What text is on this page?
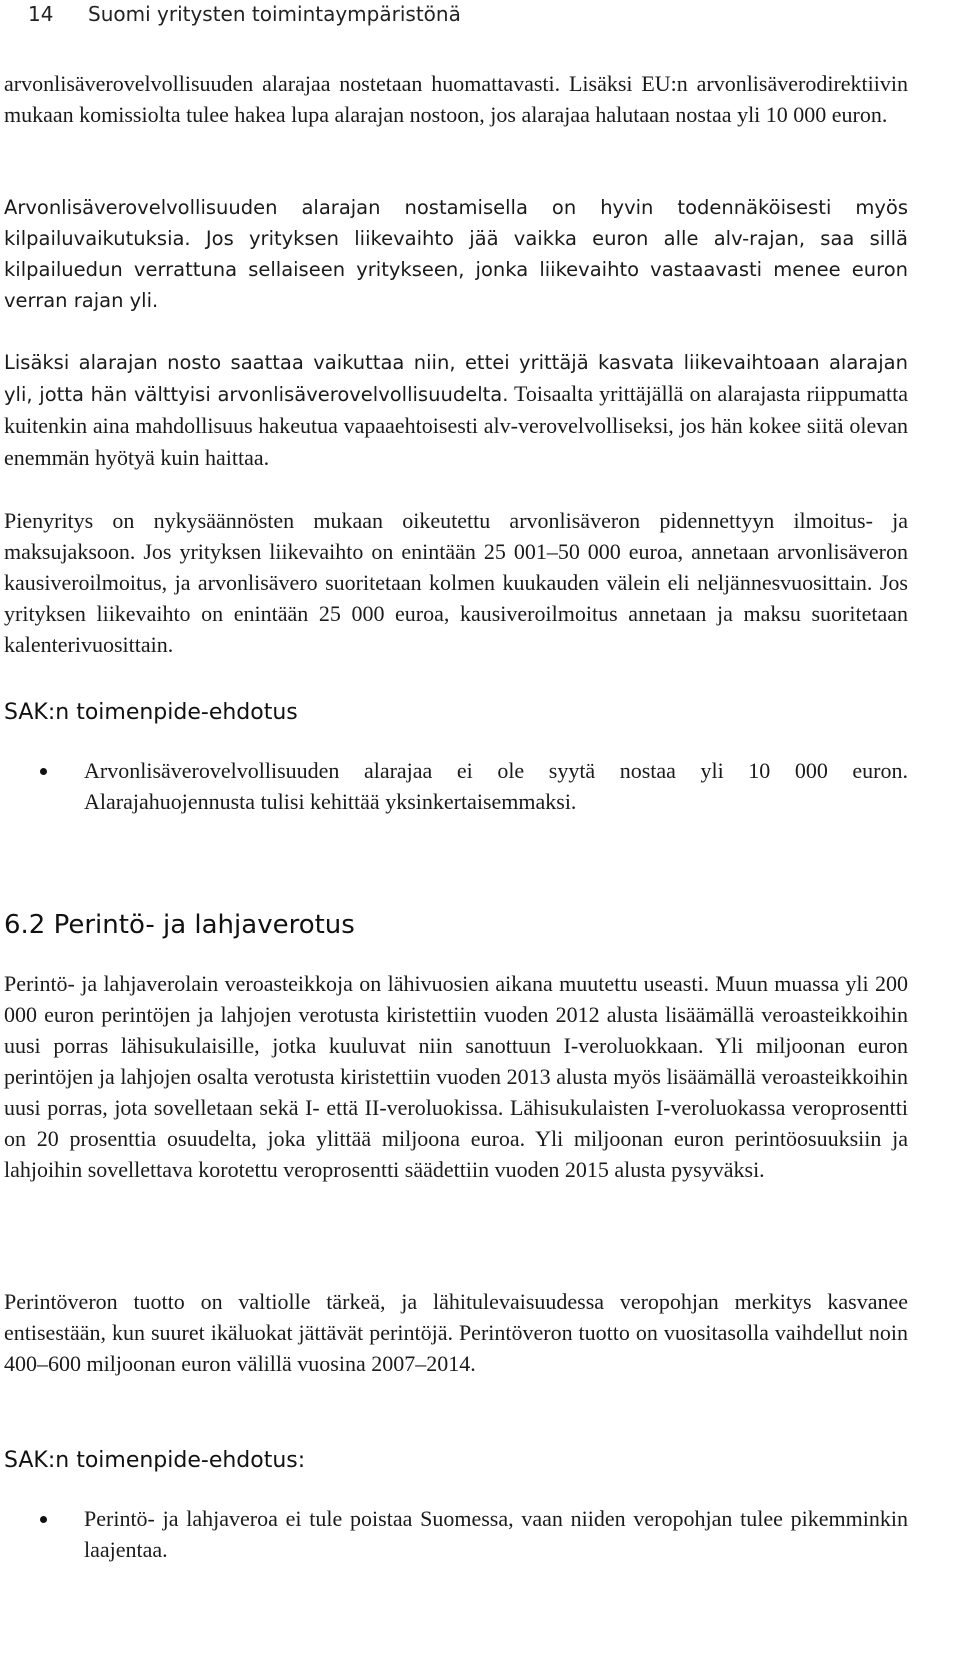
14 Suomi yritysten toimintaympäristönä

arvonlisäverovelvollisuuden alarajaa nostetaan huomattavasti. Lisäksi EU:n arvonlisäverodirektiivin mukaan komissiolta tulee hakea lupa alarajan nostoon, jos alarajaa halutaan nostaa yli 10 000 euron.

Arvonlisäverovelvollisuuden alarajan nostamisella on hyvin todennäköisesti myös kilpailuvaikutuksia. Jos yrityksen liikevaihto jää vaikka euron alle alv-rajan, saa sillä kilpailuedun verrattuna sellaiseen yritykseen, jonka liikevaihto vastaavasti menee euron verran rajan yli.

Lisäksi alarajan nosto saattaa vaikuttaa niin, ettei yrittäjä kasvata liikevaihtoaan alarajan yli, jotta hän välttyisi arvonlisäverovelvollisuudelta. Toisaalta yrittäjällä on alarajasta riippumatta kuitenkin aina mahdollisuus hakeutua vapaaehtoisesti alv-verovelvolliseksi, jos hän kokee siitä olevan enemmän hyötyä kuin haittaa.

Pienyritys on nykysäännösten mukaan oikeutettu arvonlisäveron pidennettyyn ilmoitus- ja maksujaksoon. Jos yrityksen liikevaihto on enintään 25 001–50 000 euroa, annetaan arvonlisäveron kausiveroilmoitus, ja arvonlisävero suoritetaan kolmen kuukauden välein eli neljännesvuosittain. Jos yrityksen liikevaihto on enintään 25 000 euroa, kausiveroilmoitus annetaan ja maksu suoritetaan kalenterivuosittain.

SAK:n toimenpide-ehdotus
Arvonlisäverovelvollisuuden alarajaa ei ole syytä nostaa yli 10 000 euron. Alarajahuojennusta tulisi kehittää yksinkertaisemmaksi.
6.2 Perintö- ja lahjaverotus

Perintö- ja lahjaverolain veroasteikkoja on lähivuosien aikana muutettu useasti. Muun muassa yli 200 000 euron perintöjen ja lahjojen verotusta kiristettiin vuoden 2012 alusta lisäämällä veroasteikkoihin uusi porras lähisukulaisille, jotka kuuluvat niin sanottuun I-veroluokkaan. Yli miljoonan euron perintöjen ja lahjojen osalta verotusta kiristettiin vuoden 2013 alusta myös lisäämällä veroasteikkoihin uusi porras, jota sovelletaan sekä I- että II-veroluokissa. Lähisukulaisten I-veroluokassa veroprosentti on 20 prosenttia osuudelta, joka ylittää miljoona euroa. Yli miljoonan euron perintöosuuksiin ja lahjoihin sovellettava korotettu veroprosentti säädettiin vuoden 2015 alusta pysyväksi.

Perintöveron tuotto on valtiolle tärkeä, ja lähitulevaisuudessa veropohjan merkitys kasvanee entisestään, kun suuret ikäluokat jättävät perintöjä. Perintöveron tuotto on vuositasolla vaihdellut noin 400–600 miljoonan euron välillä vuosina 2007–2014.

SAK:n toimenpide-ehdotus:
Perintö- ja lahjaveroa ei tule poistaa Suomessa, vaan niiden veropohjan tulee pikemminkin laajentaa.
